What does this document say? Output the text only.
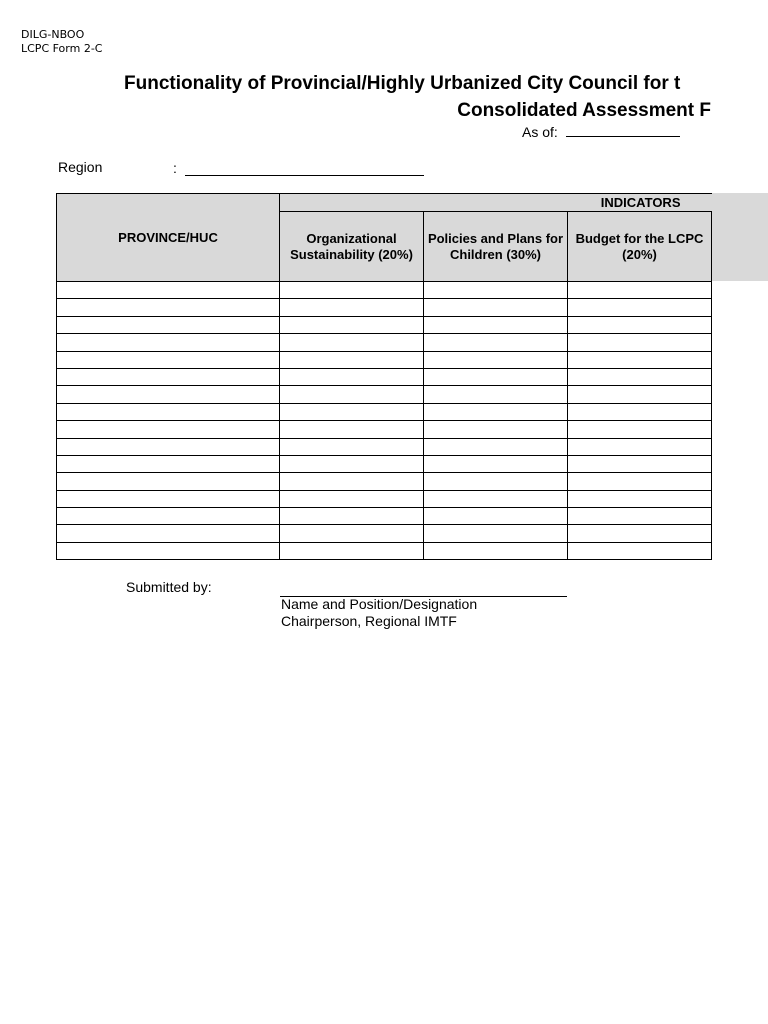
DILG-NBOO
LCPC Form 2-C
Functionality of Provincial/Highly Urbanized City Council for t
Consolidated Assessment F
As of:
Region	:
PROVINCE/HUC	INDICATORS		
	Organizational Sustainability (20%)	Policies and Plans for Children (30%)	Budget for the LCPC (20%)

Submitted by:
Name and Position/Designation
Chairperson, Regional IMTF
